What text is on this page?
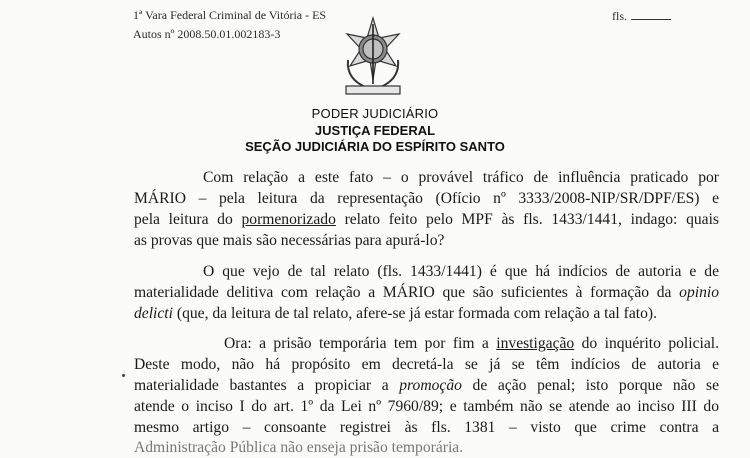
1ª Vara Federal Criminal de Vitória - ES
Autos nº 2008.50.01.002183-3
fls.
PODER JUDICIÁRIO
JUSTIÇA FEDERAL
SEÇÃO JUDICIÁRIA DO ESPÍRITO SANTO
Com relação a este fato – o provável tráfico de influência praticado por
MÁRIO – pela leitura da representação (Ofício nº 3333/2008-NIP/SR/DPF/ES) e
pela leitura do pormenorizado relato feito pelo MPF às fls. 1433/1441, indago: quais
as provas que mais são necessárias para apurá-lo?
O que vejo de tal relato (fls. 1433/1441) é que há indícios de autoria e de
materialidade delitiva com relação a MÁRIO que são suficientes à formação da opinio
delicti (que, da leitura de tal relato, afere-se já estar formada com relação a tal fato).
Ora: a prisão temporária tem por fim a investigação do inquérito policial.
Deste modo, não há propósito em decretá-la se já se têm indícios de autoria e
materialidade bastantes a propiciar a promoção de ação penal; isto porque não se
atende o inciso I do art. 1º da Lei nº 7960/89; e também não se atende ao inciso III do
mesmo artigo – consoante registrei às fls. 1381 – visto que crime contra a
Administração Pública não enseja prisão temporária.
